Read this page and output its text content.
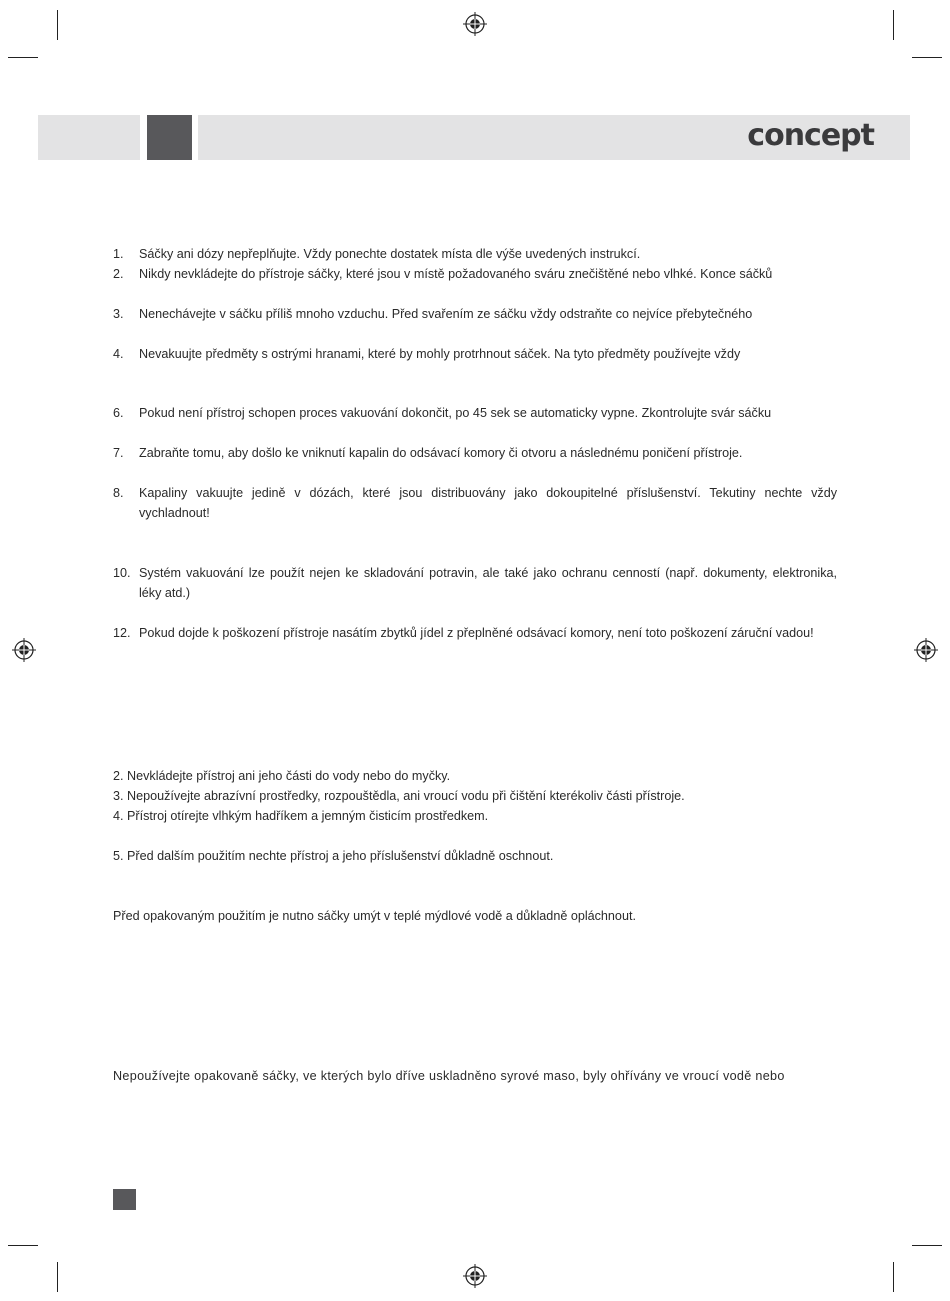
concept
1.	Sáčky ani dózy nepřeplňujte. Vždy ponechte dostatek místa dle výše uvedených instrukcí.
2.	Nikdy nevkládejte do přístroje sáčky, které jsou v místě požadovaného sváru znečištěné nebo vlhké. Konce sáčků
3.	Nenechávejte v sáčku příliš mnoho vzduchu. Před svařením ze sáčku vždy odstraňte co nejvíce přebytečného
4.	Nevakuujte předměty s ostrými hranami, které by mohly protrhnout sáček. Na tyto předměty používejte vždy
6.	Pokud není přístroj schopen proces vakuování dokončit, po 45 sek se automaticky vypne. Zkontrolujte svár sáčku
7.	Zabraňte tomu, aby došlo ke vniknutí kapalin do odsávací komory či otvoru a následnému poničení přístroje.
8.	Kapaliny vakuujte jedině v dózách, které jsou distribuovány jako dokoupitelné příslušenství. Tekutiny nechte vždy vychladnout!
10. Systém vakuování lze použít nejen ke skladování potravin, ale také jako ochranu cenností (např. dokumenty, elektronika, léky atd.)
12. Pokud dojde k poškození přístroje nasátím zbytků jídel z přeplněné odsávací komory, není toto poškození záruční vadou!
2. Nevkládejte přístroj ani jeho části do vody nebo do myčky.
3. Nepoužívejte abrazívní prostředky, rozpouštědla, ani vroucí vodu při čištění kterékoliv části přístroje.
4. Přístroj otírejte vlhkým hadříkem a jemným čisticím prostředkem.
5. Před dalším použitím nechte přístroj a jeho příslušenství důkladně oschnout.
Před opakovaným použitím je nutno sáčky umýt v teplé mýdlové vodě a důkladně opláchnout.
Nepoužívejte opakovaně sáčky, ve kterých bylo dříve uskladněno syrové maso, byly ohřívány ve vroucí vodě nebo
